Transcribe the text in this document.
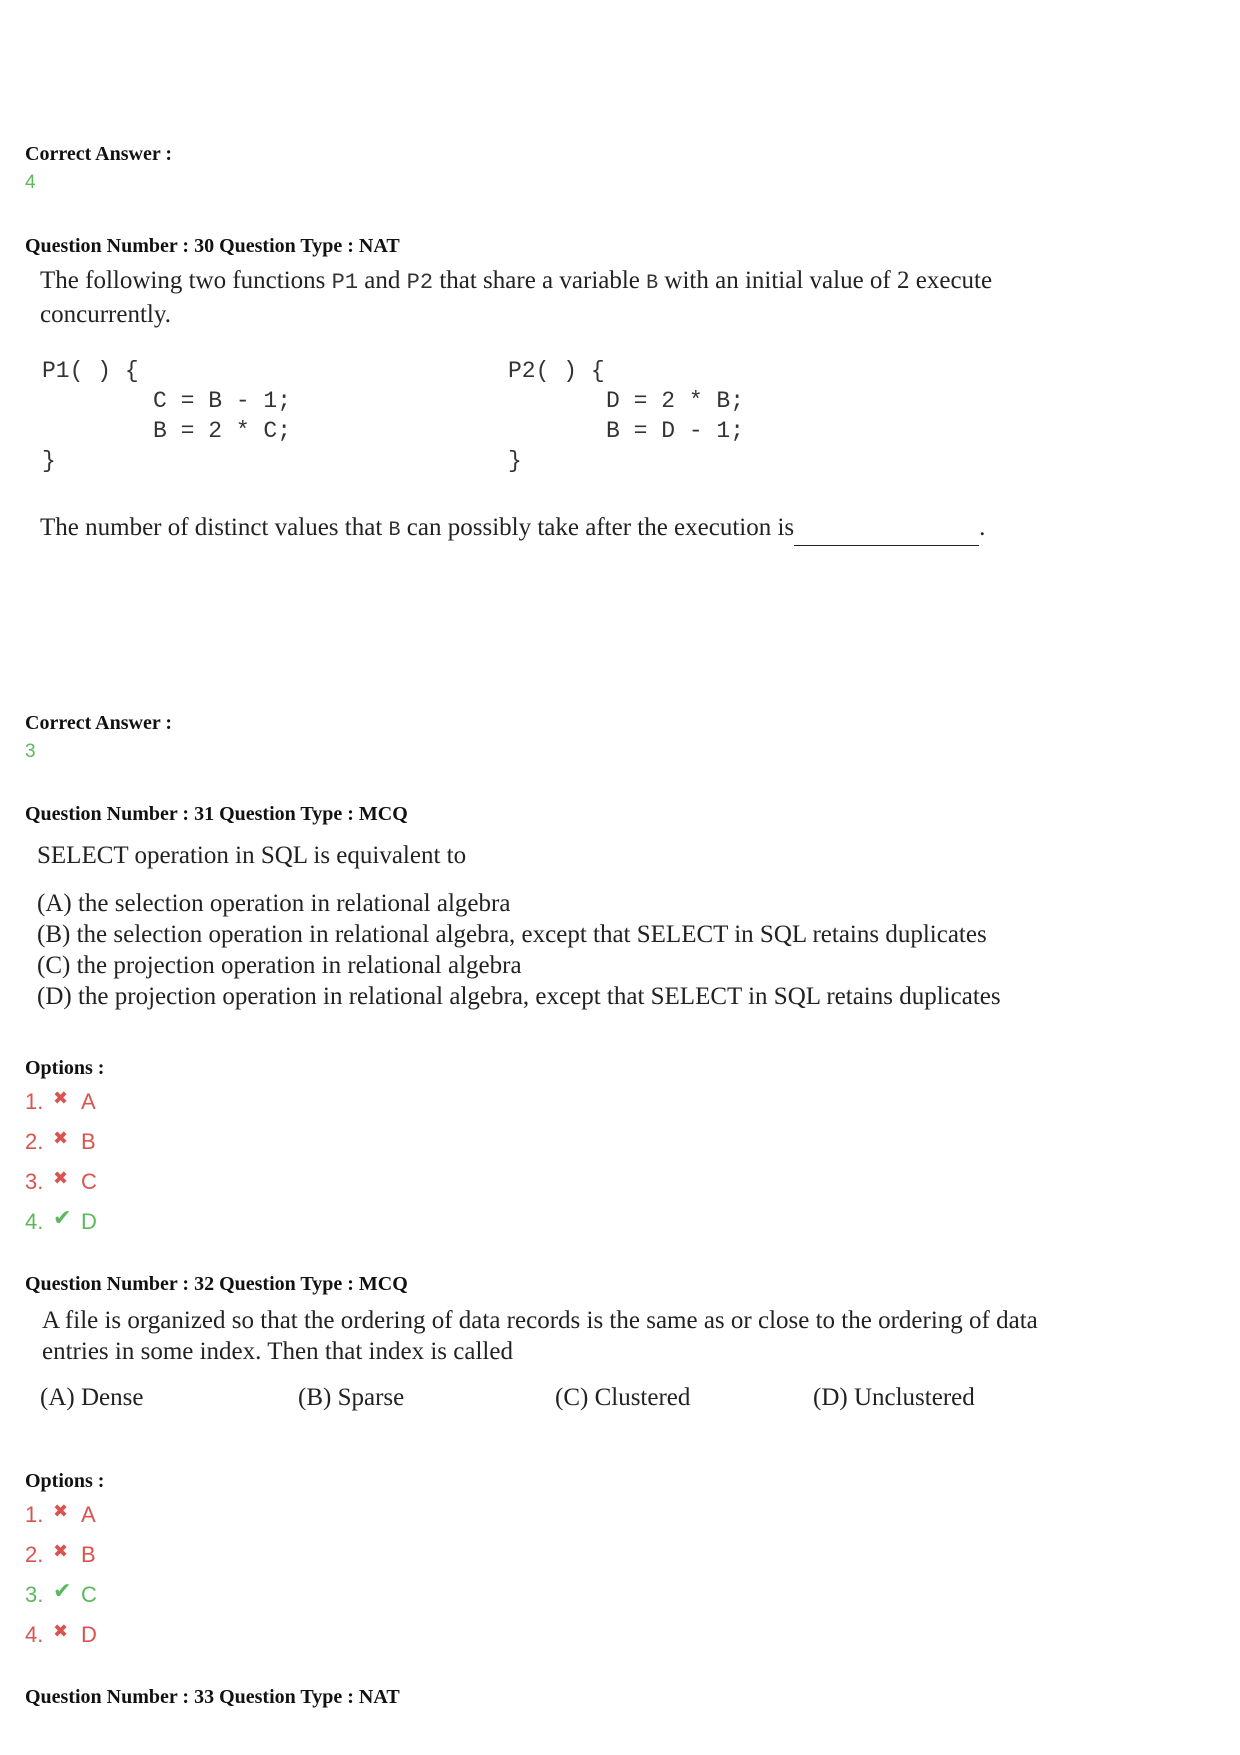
Correct Answer :
4
Question Number : 30 Question Type : NAT
The following two functions P1 and P2 that share a variable B with an initial value of 2 execute
concurrently.
P1( ) {
C = B - 1;
B = 2 * C;
}
P2( ) {
D = 2 * B;
B = D - 1;
}
The number of distinct values that B can possibly take after the execution is	.
Correct Answer :
3
Question Number : 31 Question Type : MCQ
SELECT operation in SQL is equivalent to
(A) the selection operation in relational algebra
(B) the selection operation in relational algebra, except that SELECT in SQL retains duplicates
(C) the projection operation in relational algebra
(D) the projection operation in relational algebra, except that SELECT in SQL retains duplicates
Options :
1. ✖ A
2. ✖ B
3. ✖ C
4. ✔ D
Question Number : 32 Question Type : MCQ
A file is organized so that the ordering of data records is the same as or close to the ordering of data
entries in some index. Then that index is called
(A) Dense	(B) Sparse	(C) Clustered	(D) Unclustered
Options :
1. ✖ A
2. ✖ B
3. ✔ C
4. ✖ D
Question Number : 33 Question Type : NAT
